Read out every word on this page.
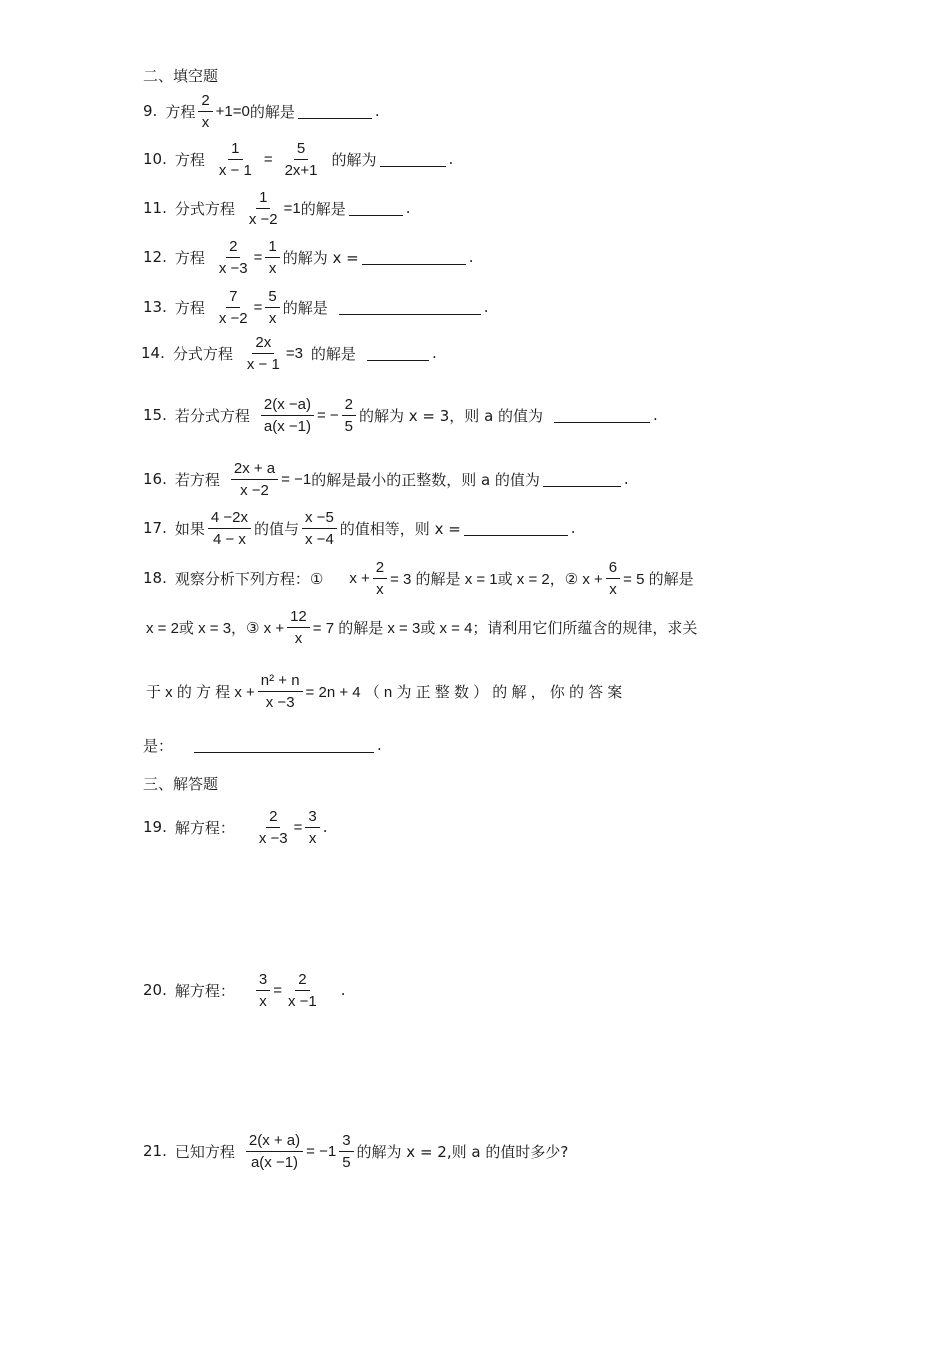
二、填空题
9. 方程 $\frac{2}{x} +1=0$ 的解是	.
10. 方程 $\frac{1}{x - 1} = \frac{5}{2x+1}$ 的解为	.
11. 分式方程 $\frac{1}{x -2} =1$ 的解是	.
12. 方程 $\frac{2}{x -3} = \frac{1}{x}$ 的解为 x =	.
13. 方程 $\frac{7}{x -2} = \frac{5}{x}$ 的解是	.
14. 分式方程 $\frac{2x}{x - 1} =3$ 的解是	.
15. 若分式方程 $\frac{2(x -a)}{a(x -1)}$ = − $\frac{2}{5}$ 的解为 x = 3，则 a 的值为	.
16. 若方程 $\frac{2x + a}{x -2} = -1$ 的解是最小的正整数，则 a 的值为	.
17. 如果 $\frac{4 -2x}{4 - x}$ 的值与 $\frac{x -5}{x -4}$ 的值相等，则 x =	.
18. 观察分析下列方程：① $x + \frac{2}{x} = 3$ 的解是 x = 1或 x = 2，② $x + \frac{6}{x} = 5$ 的解是
x = 2或 x = 3，③ $x + \frac{12}{x} = 7$ 的解是 x = 3或 x = 4；请利用它们所蕴含的规律，求关
于 x 的 方 程 $x + \frac{\text{n² + n}}{x -3} = 2n + 4$ （ n 为 正 整 数 ） 的 解 ， 你 的 答 案
是：	.
三、解答题
19. 解方程： $\frac{2}{x -3} = \frac{3}{x}$ .
20. 解方程： $\frac{3}{x} = \frac{2}{x -1}$ .
21. 已知方程 $\frac{2(x + a)}{a(x -1)} = -1 \frac{3}{5}$ 的解为 x = 2,则 a 的值时多少?
